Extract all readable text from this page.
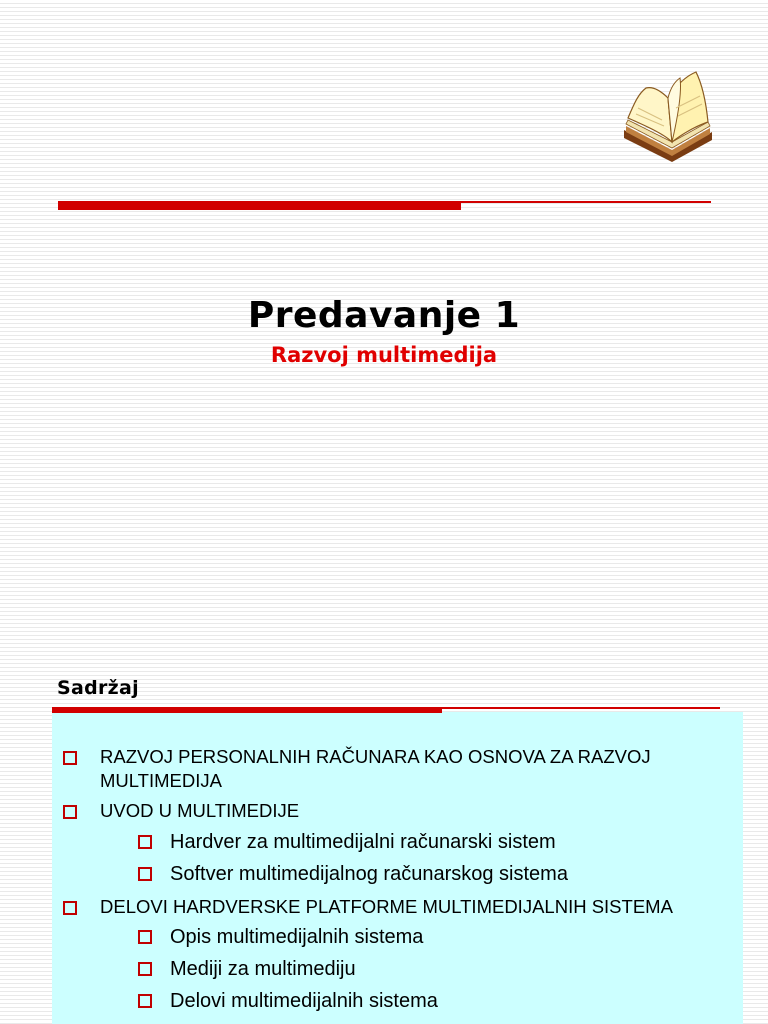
Predavanje 1
Razvoj multimedija
Sadržaj
RAZVOJ PERSONALNIH RAČUNARA KAO OSNOVA ZA RAZVOJ MULTIMEDIJA
UVOD U MULTIMEDIJE
Hardver za multimedijalni računarski sistem
Softver multimedijalnog računarskog sistema
DELOVI HARDVERSKE PLATFORME MULTIMEDIJALNIH SISTEMA
Opis multimedijalnih sistema
Mediji za multimediju
Delovi multimedijalnih sistema
